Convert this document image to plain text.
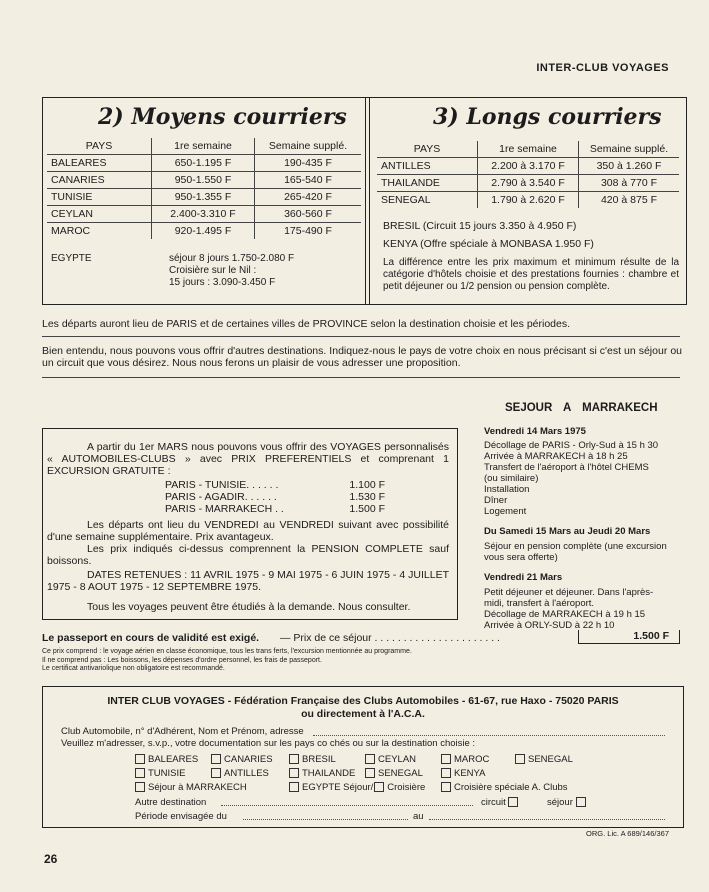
INTER-CLUB VOYAGES
2) Moyens courriers
PAYS	1re semaine	Semaine supplé.
BALEARES	650-1.195 F	190-435 F
CANARIES	950-1.550 F	165-540 F
TUNISIE	950-1.355 F	265-420 F
CEYLAN	2.400-3.310 F	360-560 F
MAROC	920-1.495 F	175-490 F
EGYPTE	séjour 8 jours 1.750-2.080 F
Croisière sur le Nil :
15 jours : 3.090-3.450 F
3) Longs courriers
PAYS	1re semaine	Semaine supplé.
ANTILLES	2.200 à 3.170 F	350 à 1.260 F
THAILANDE	2.790 à 3.540 F	308 à 770 F
SENEGAL	1.790 à 2.620 F	420 à 875 F
BRESIL (Circuit 15 jours 3.350 à 4.950 F)
KENYA (Offre spéciale à MONBASA 1.950 F)
La différence entre les prix maximum et minimum résulte de la catégorie d'hôtels choisie et des prestations fournies : chambre et petit déjeuner ou 1/2 pension ou pension complète.
Les départs auront lieu de PARIS et de certaines villes de PROVINCE selon la destination choisie et les périodes.
Bien entendu, nous pouvons vous offrir d'autres destinations. Indiquez-nous le pays de votre choix en nous précisant si c'est un séjour ou un circuit que vous désirez. Nous nous ferons un plaisir de vous adresser une proposition.
A partir du 1er MARS nous pouvons vous offrir des VOYAGES personnalisés « AUTOMOBILES-CLUBS » avec PRIX PREFERENTIELS et comprenant 1 EXCURSION GRATUITE :
PARIS - TUNISIE. . . . . .	1.100 F
PARIS - AGADIR. . . . . .	1.530 F
PARIS - MARRAKECH . .	1.500 F
Les départs ont lieu du VENDREDI au VENDREDI suivant avec possibilité d'une semaine supplémentaire. Prix avantageux.
Les prix indiqués ci-dessus comprennent la PENSION COMPLETE sauf boissons.
DATES RETENUES : 11 AVRIL 1975 - 9 MAI 1975 - 6 JUIN 1975 - 4 JUILLET 1975 - 8 AOUT 1975 - 12 SEPTEMBRE 1975.
Tous les voyages peuvent être étudiés à la demande. Nous consulter.
SEJOUR A MARRAKECH
Vendredi 14 Mars 1975
Décollage de PARIS - Orly-Sud à 15 h 30
Arrivée à MARRAKECH à 18 h 25
Transfert de l'aéroport à l'hôtel CHEMS
(ou similaire)
Installation
Dîner
Logement
Du Samedi 15 Mars au Jeudi 20 Mars
Séjour en pension complète (une excursion
vous sera offerte)
Vendredi 21 Mars
Petit déjeuner et déjeuner. Dans l'après-
midi, transfert à l'aéroport.
Décollage de MARRAKECH à 19 h 15
Arrivée à ORLY-SUD à 22 h 10
Le passeport en cours de validité est exigé. — Prix de ce séjour . . . . . . . . . . . . . . . . . . . . . .	1.500 F
Ce prix comprend : le voyage aérien en classe économique, tous les trans ferts, l'excursion mentionnée au programme.
Il ne comprend pas : Les boissons, les dépenses d'ordre personnel, les frais de passeport.
Le certificat antivariolique non obligatoire est recommandé.
INTER CLUB VOYAGES - Fédération Française des Clubs Automobiles - 61-67, rue Haxo - 75020 PARIS
ou directement à l'A.C.A.
Club Automobile, n° d'Adhérent, Nom et Prénom, adresse
Veuillez m'adresser, s.v.p., votre documentation sur les pays co chés ou sur la destination choisie :
BALEARES	CANARIES	BRESIL	CEYLAN	MAROC	SENEGAL
TUNISIE	ANTILLES	THAILANDE	SENEGAL	KENYA
Séjour à MARRAKECH	EGYPTE Séjour/ Croisière	Croisière spéciale A. Clubs
Autre destination	circuit	séjour
Période envisagée du	au
ORG. Lic. A 689/146/367
26
